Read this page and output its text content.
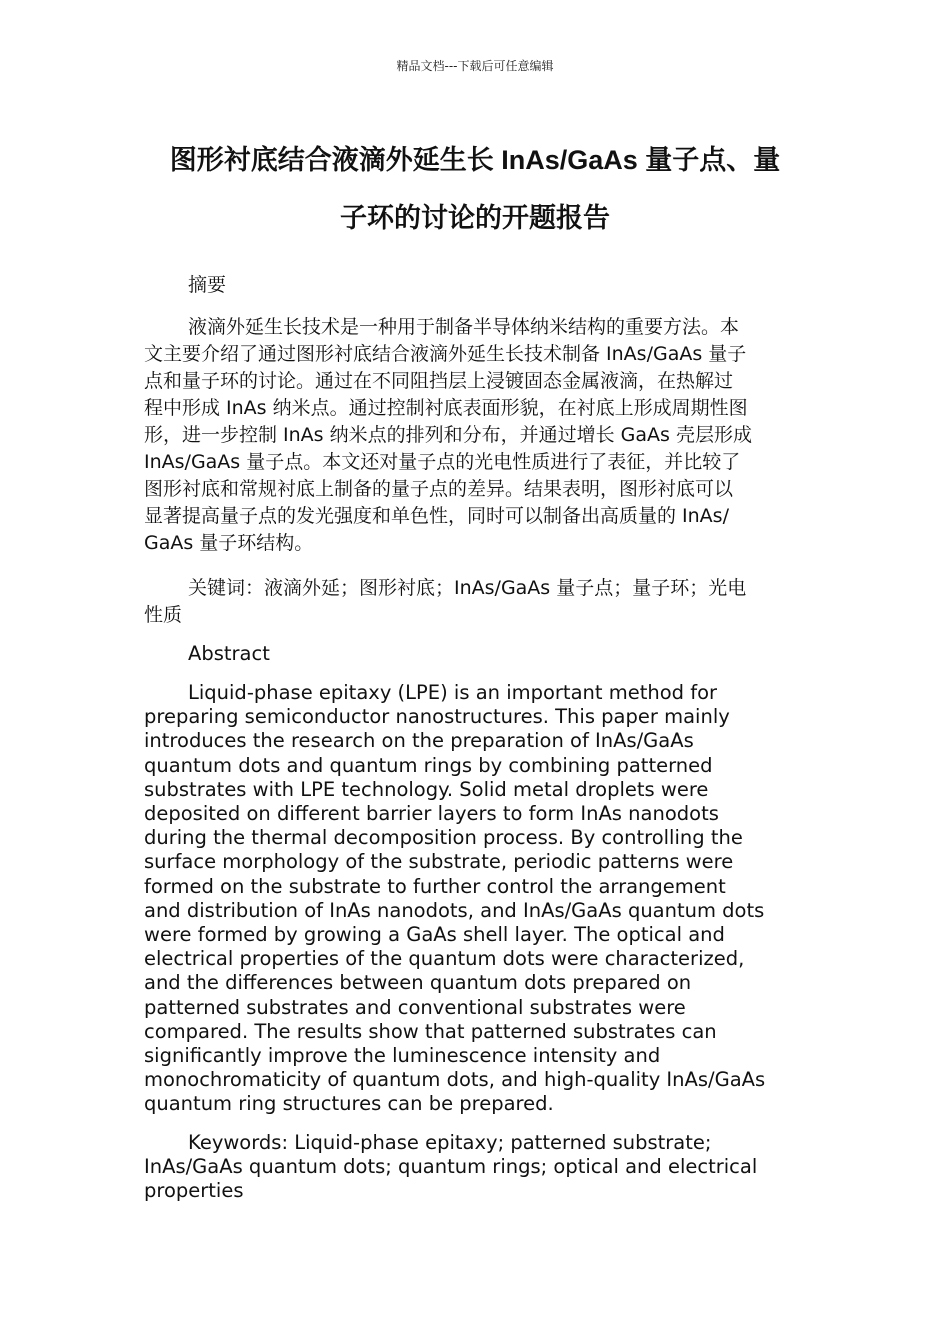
精品文档---下载后可任意编辑
图形衬底结合液滴外延生长 InAs/GaAs 量子点、量
子环的讨论的开题报告
摘要
液滴外延生长技术是一种用于制备半导体纳米结构的重要方法。本
文主要介绍了通过图形衬底结合液滴外延生长技术制备 InAs/GaAs 量子
点和量子环的讨论。通过在不同阻挡层上浸镀固态金属液滴，在热解过
程中形成 InAs 纳米点。通过控制衬底表面形貌，在衬底上形成周期性图
形，进一步控制 InAs 纳米点的排列和分布，并通过增长 GaAs 壳层形成
InAs/GaAs 量子点。本文还对量子点的光电性质进行了表征，并比较了
图形衬底和常规衬底上制备的量子点的差异。结果表明，图形衬底可以
显著提高量子点的发光强度和单色性，同时可以制备出高质量的 InAs/
GaAs 量子环结构。
关键词：液滴外延；图形衬底；InAs/GaAs 量子点；量子环；光电
性质
Abstract
Liquid-phase epitaxy (LPE) is an important method for
preparing semiconductor nanostructures. This paper mainly
introduces the research on the preparation of InAs/GaAs
quantum dots and quantum rings by combining patterned
substrates with LPE technology. Solid metal droplets were
deposited on different barrier layers to form InAs nanodots
during the thermal decomposition process. By controlling the
surface morphology of the substrate, periodic patterns were
formed on the substrate to further control the arrangement
and distribution of InAs nanodots, and InAs/GaAs quantum dots
were formed by growing a GaAs shell layer. The optical and
electrical properties of the quantum dots were characterized,
and the differences between quantum dots prepared on
patterned substrates and conventional substrates were
compared. The results show that patterned substrates can
significantly improve the luminescence intensity and
monochromaticity of quantum dots, and high-quality InAs/GaAs
quantum ring structures can be prepared.
Keywords: Liquid-phase epitaxy; patterned substrate;
InAs/GaAs quantum dots; quantum rings; optical and electrical
properties
